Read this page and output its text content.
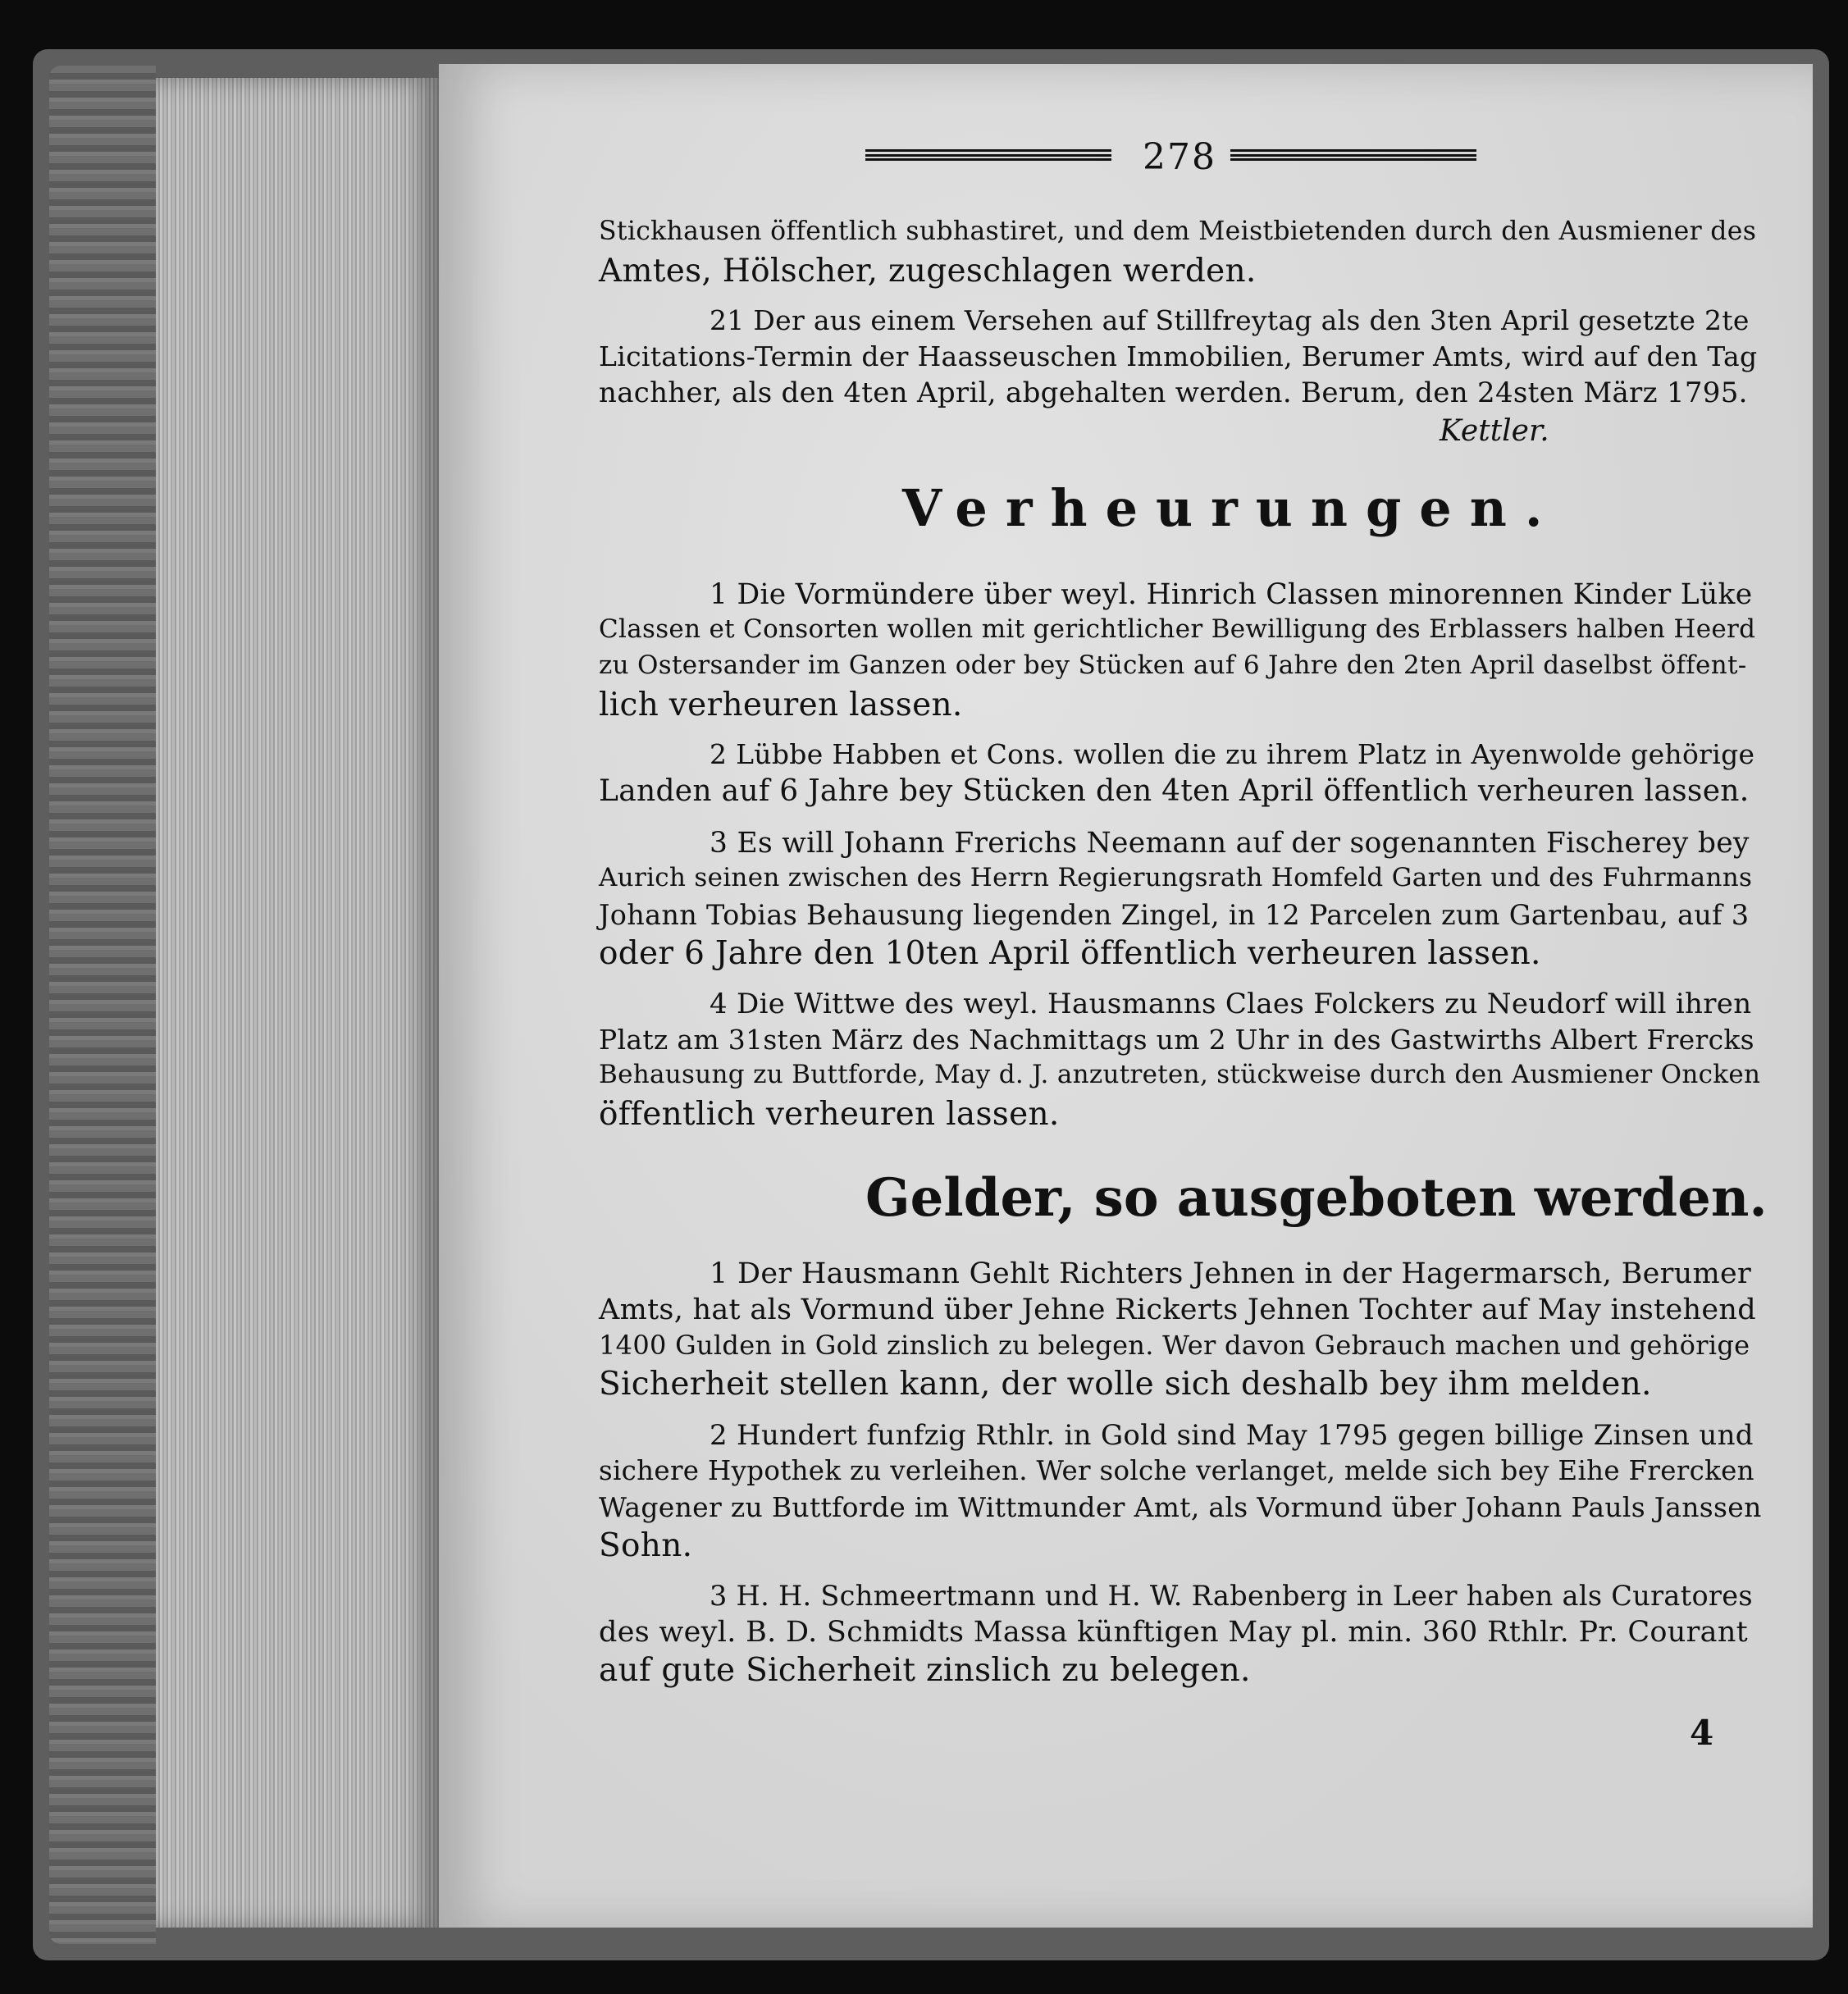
278
Stickhausen öffentlich subhastiret, und dem Meistbietenden durch den Ausmiener des
Amtes, Hölscher, zugeschlagen werden.
21 Der aus einem Versehen auf Stillfreytag als den 3ten April gesetzte 2te
Licitations-Termin der Haasseuschen Immobilien, Berumer Amts, wird auf den Tag
nachher, als den 4ten April, abgehalten werden. Berum, den 24sten März 1795.
Kettler.
Verheurungen.
1 Die Vormündere über weyl. Hinrich Classen minorennen Kinder Lüke
Classen et Consorten wollen mit gerichtlicher Bewilligung des Erblassers halben Heerd
zu Ostersander im Ganzen oder bey Stücken auf 6 Jahre den 2ten April daselbst öffent-
lich verheuren lassen.
2 Lübbe Habben et Cons. wollen die zu ihrem Platz in Ayenwolde gehörige
Landen auf 6 Jahre bey Stücken den 4ten April öffentlich verheuren lassen.
3 Es will Johann Frerichs Neemann auf der sogenannten Fischerey bey
Aurich seinen zwischen des Herrn Regierungsrath Homfeld Garten und des Fuhrmanns
Johann Tobias Behausung liegenden Zingel, in 12 Parcelen zum Gartenbau, auf 3
oder 6 Jahre den 10ten April öffentlich verheuren lassen.
4 Die Wittwe des weyl. Hausmanns Claes Folckers zu Neudorf will ihren
Platz am 31sten März des Nachmittags um 2 Uhr in des Gastwirths Albert Frercks
Behausung zu Buttforde, May d. J. anzutreten, stückweise durch den Ausmiener Oncken
öffentlich verheuren lassen.
Gelder, so ausgeboten werden.
1 Der Hausmann Gehlt Richters Jehnen in der Hagermarsch, Berumer
Amts, hat als Vormund über Jehne Rickerts Jehnen Tochter auf May instehend
1400 Gulden in Gold zinslich zu belegen. Wer davon Gebrauch machen und gehörige
Sicherheit stellen kann, der wolle sich deshalb bey ihm melden.
2 Hundert funfzig Rthlr. in Gold sind May 1795 gegen billige Zinsen und
sichere Hypothek zu verleihen. Wer solche verlanget, melde sich bey Eihe Frercken
Wagener zu Buttforde im Wittmunder Amt, als Vormund über Johann Pauls Janssen
Sohn.
3 H. H. Schmeertmann und H. W. Rabenberg in Leer haben als Curatores
des weyl. B. D. Schmidts Massa künftigen May pl. min. 360 Rthlr. Pr. Courant
auf gute Sicherheit zinslich zu belegen.
4
